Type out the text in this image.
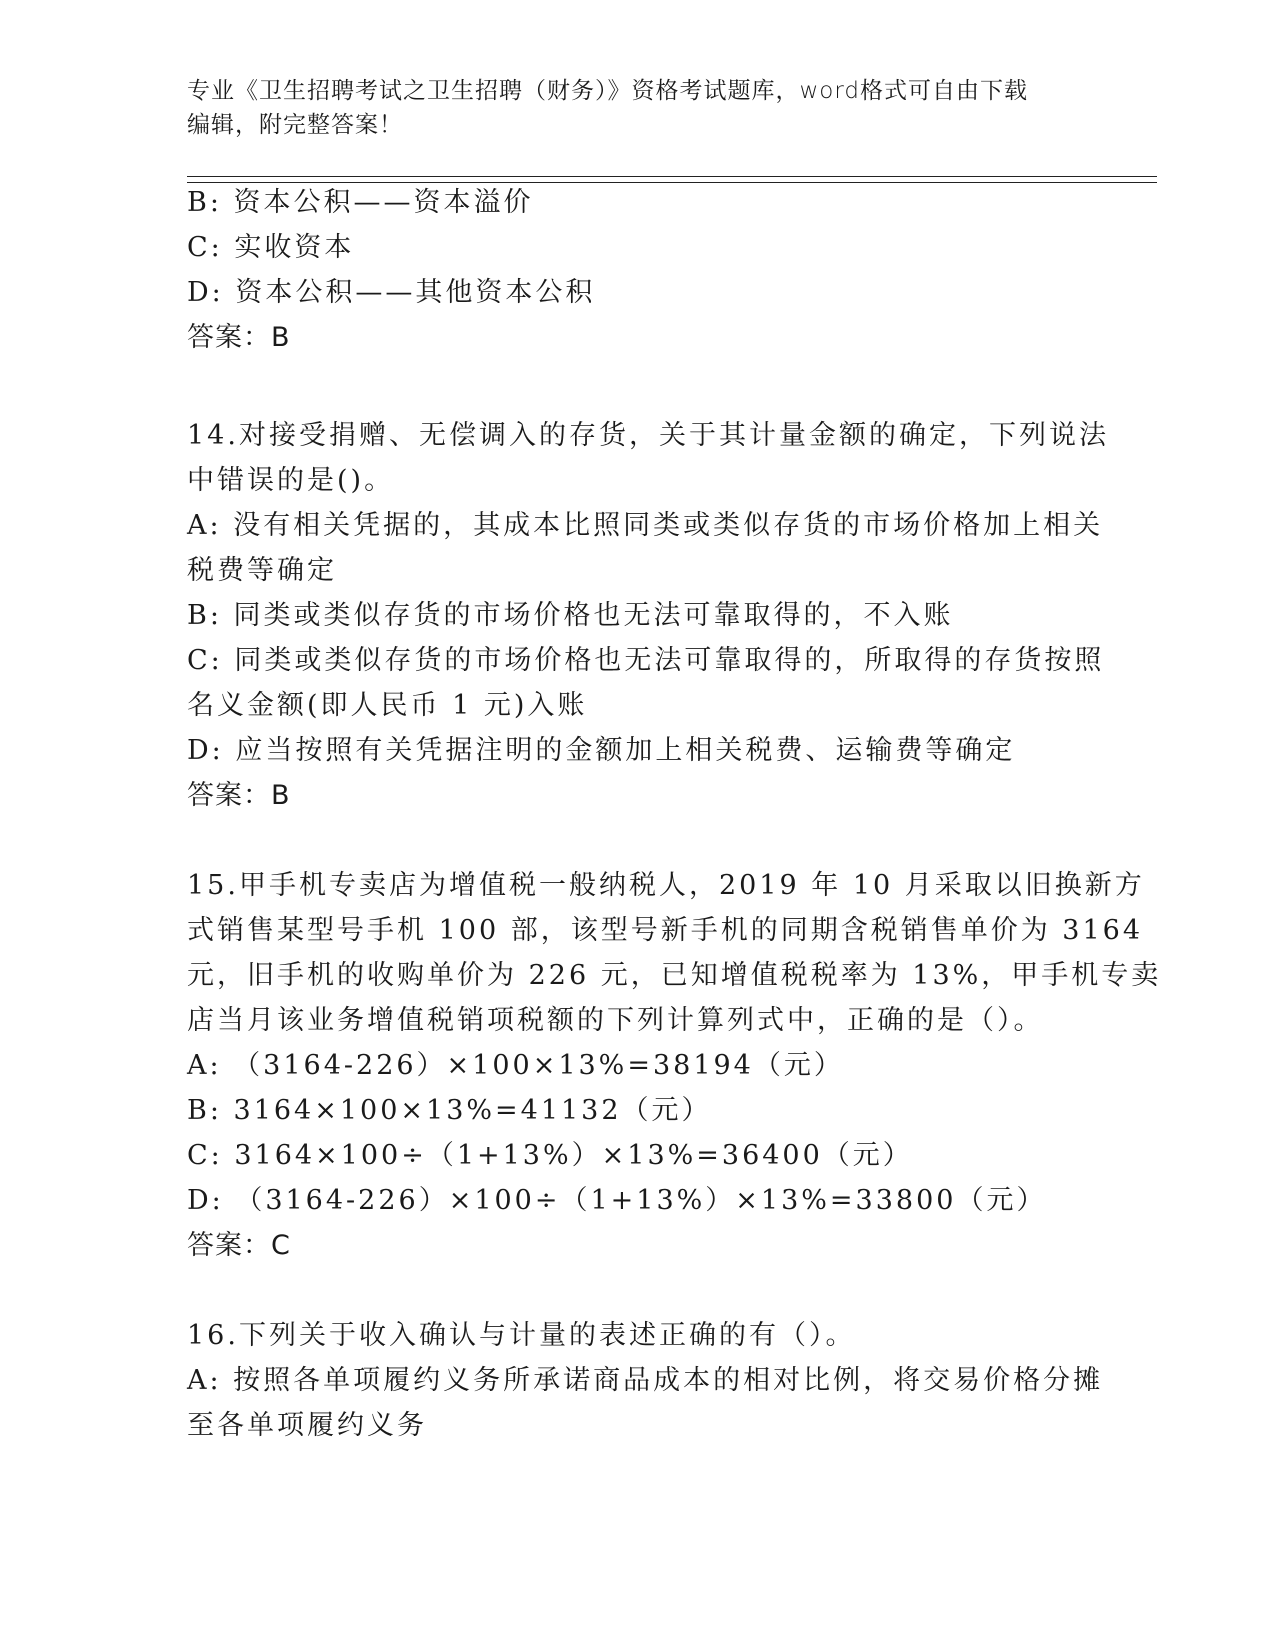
专业《卫生招聘考试之卫生招聘（财务）》资格考试题库，word格式可自由下载
编辑，附完整答案！
B: 资本公积——资本溢价
C: 实收资本
D: 资本公积——其他资本公积
答案：B
14.对接受捐赠、无偿调入的存货，关于其计量金额的确定，下列说法
中错误的是()。
A: 没有相关凭据的，其成本比照同类或类似存货的市场价格加上相关
税费等确定
B: 同类或类似存货的市场价格也无法可靠取得的，不入账
C: 同类或类似存货的市场价格也无法可靠取得的，所取得的存货按照
名义金额(即人民币 1 元)入账
D: 应当按照有关凭据注明的金额加上相关税费、运输费等确定
答案：B
15.甲手机专卖店为增值税一般纳税人，2019 年 10 月采取以旧换新方
式销售某型号手机 100 部，该型号新手机的同期含税销售单价为 3164
元，旧手机的收购单价为 226 元，已知增值税税率为 13%，甲手机专卖
店当月该业务增值税销项税额的下列计算列式中，正确的是（）。
A: （3164-226）×100×13%=38194（元）
B: 3164×100×13%=41132（元）
C: 3164×100÷（1+13%）×13%=36400（元）
D: （3164-226）×100÷（1+13%）×13%=33800（元）
答案：C
16.下列关于收入确认与计量的表述正确的有（）。
A: 按照各单项履约义务所承诺商品成本的相对比例，将交易价格分摊
至各单项履约义务
